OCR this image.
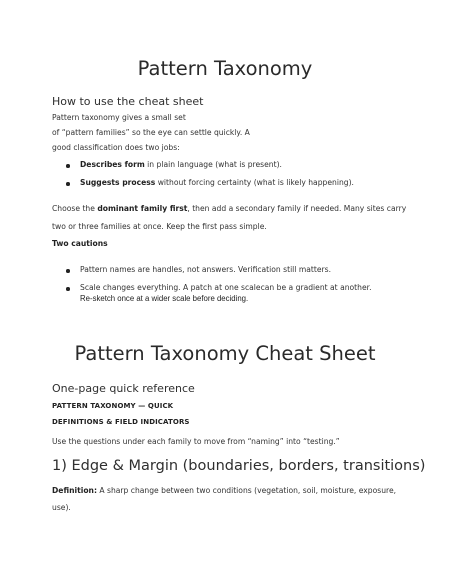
Pattern Taxonomy
How to use the cheat sheet
Pattern taxonomy gives a small set
of “pattern families” so the eye can settle quickly. A
good classification does two jobs:
Describes form in plain language (what is present).
Suggests process without forcing certainty (what is likely happening).
Choose the dominant family first, then add a secondary family if needed. Many sites carry
two or three families at once. Keep the first pass simple.
Two cautions
Pattern names are handles, not answers. Verification still matters.
Scale changes everything. A patch at one scalecan be a gradient at another.
Re-sketch once at a wider scale before deciding.
Pattern Taxonomy Cheat Sheet
One-page quick reference
PATTERN TAXONOMY — QUICK
DEFINITIONS & FIELD INDICATORS
Use the questions under each family to move from “naming” into “testing.”
1) Edge & Margin (boundaries, borders, transitions)
Definition: A sharp change between two conditions (vegetation, soil, moisture, exposure,
use).
